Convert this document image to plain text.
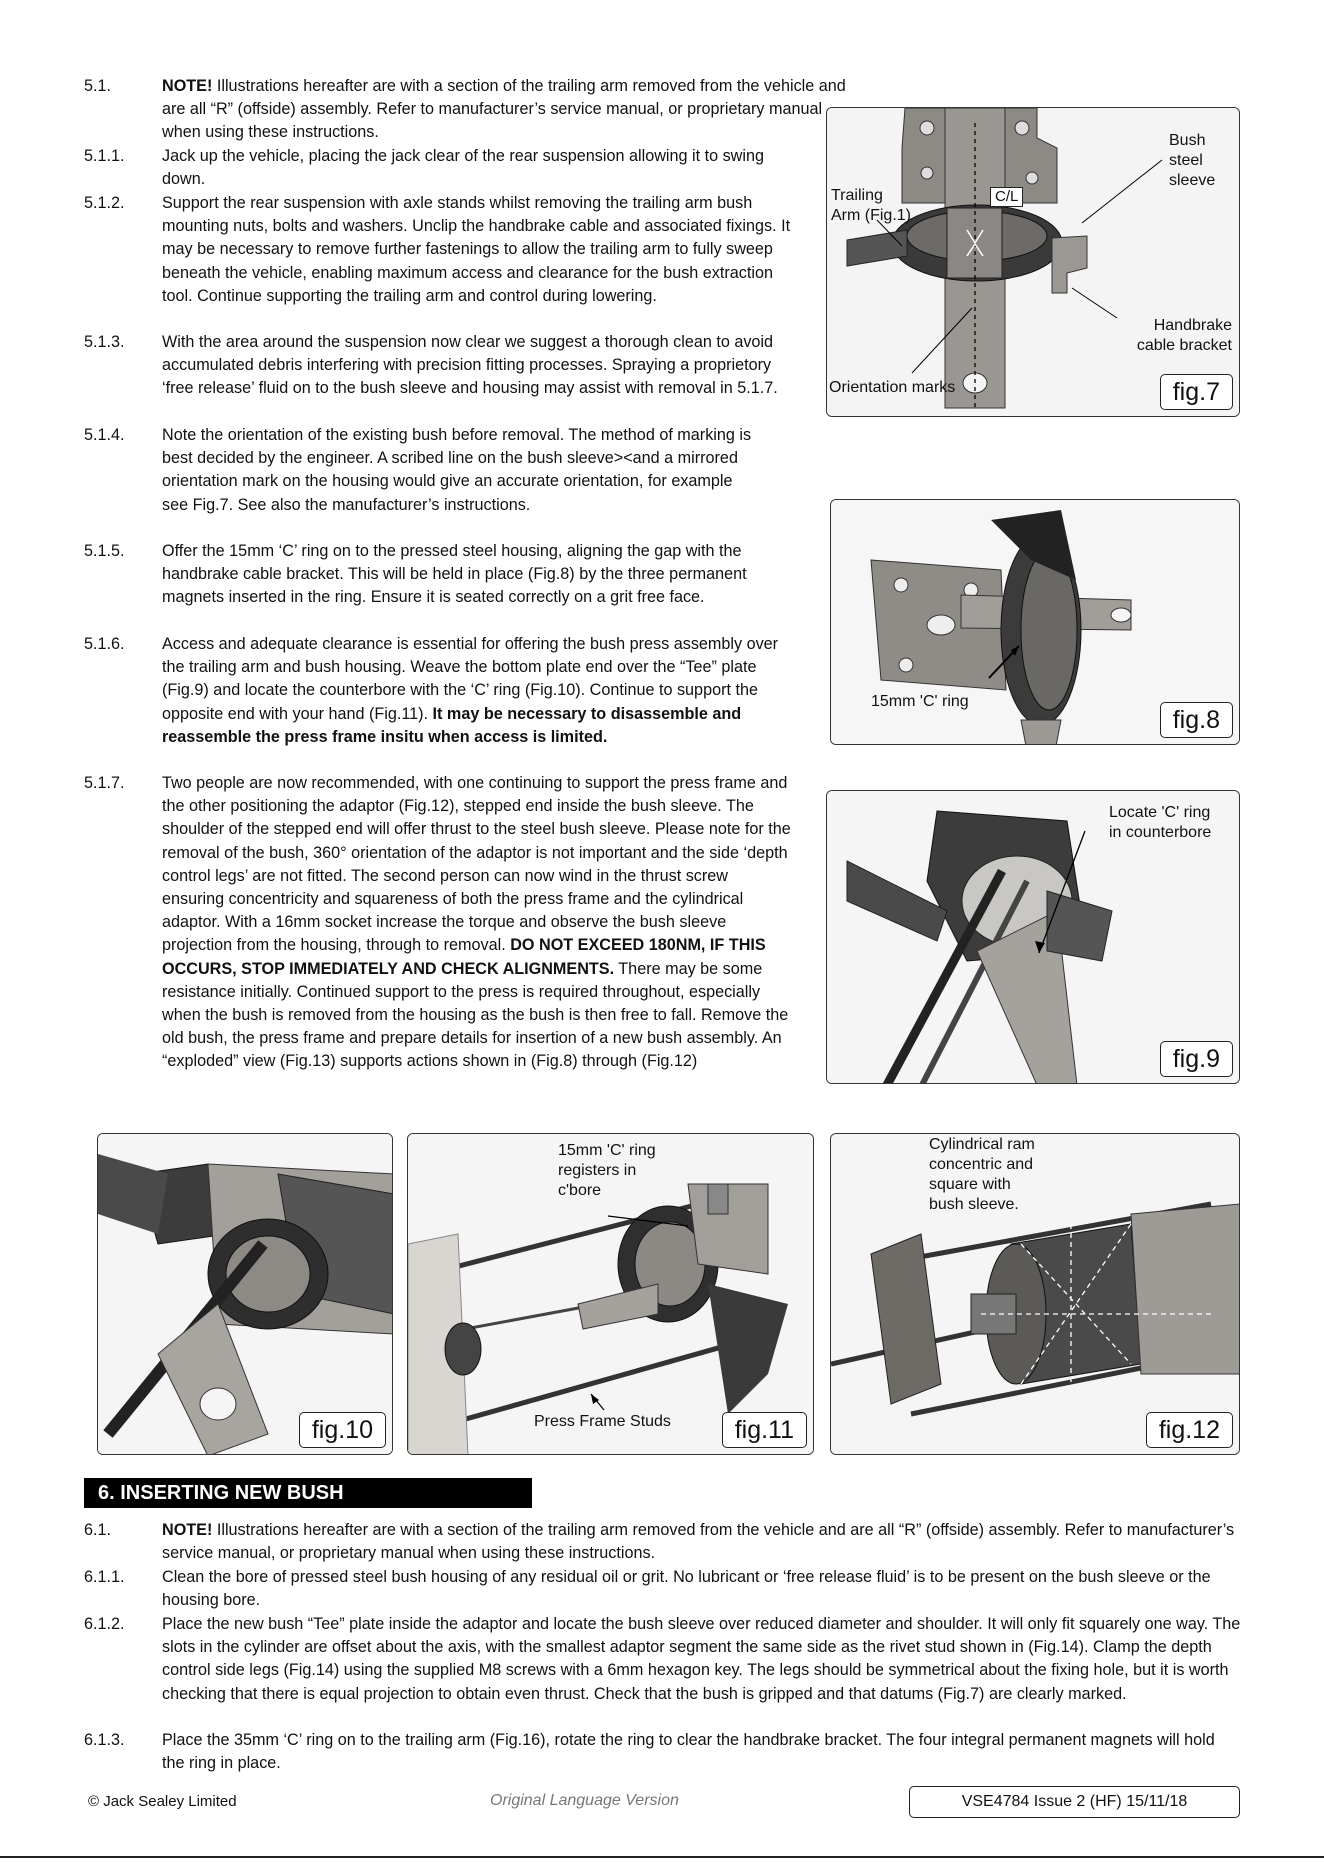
5.1.	NOTE! Illustrations hereafter are with a section of the trailing arm removed from the vehicle and are all “R” (offside) assembly. Refer to manufacturer’s service manual, or proprietary manual when using these instructions.
5.1.1. Jack up the vehicle, placing the jack clear of the rear suspension allowing it to swing down.
5.1.2. Support the rear suspension with axle stands whilst removing the trailing arm bush mounting nuts, bolts and washers. Unclip the handbrake cable and associated fixings. It may be necessary to remove further fastenings to allow the trailing arm to fully sweep beneath the vehicle, enabling maximum access and clearance for the bush extraction tool. Continue supporting the trailing arm and control during lowering.
5.1.3. With the area around the suspension now clear we suggest a thorough clean to avoid accumulated debris interfering with precision fitting processes. Spraying a proprietory ‘free release’ fluid on to the bush sleeve and housing may assist with removal in 5.1.7.
5.1.4. Note the orientation of the existing bush before removal. The method of marking is best decided by the engineer. A scribed line on the bush sleeve><and a mirrored orientation mark on the housing would give an accurate orientation, for example see Fig.7. See also the manufacturer’s instructions.
5.1.5. Offer the 15mm ‘C’ ring on to the pressed steel housing, aligning the gap with the handbrake cable bracket. This will be held in place (Fig.8) by the three permanent magnets inserted in the ring. Ensure it is seated correctly on a grit free face.
5.1.6. Access and adequate clearance is essential for offering the bush press assembly over the trailing arm and bush housing. Weave the bottom plate end over the “Tee” plate (Fig.9) and locate the counterbore with the ‘C’ ring (Fig.10). Continue to support the opposite end with your hand (Fig.11). It may be necessary to disassemble and reassemble the press frame insitu when access is limited.
5.1.7. Two people are now recommended, with one continuing to support the press frame and the other positioning the adaptor (Fig.12), stepped end inside the bush sleeve. The shoulder of the stepped end will offer thrust to the steel bush sleeve. Please note for the removal of the bush, 360° orientation of the adaptor is not important and the side ‘depth control legs’ are not fitted. The second person can now wind in the thrust screw ensuring concentricity and squareness of both the press frame and the cylindrical adaptor. With a 16mm socket increase the torque and observe the bush sleeve projection from the housing, through to removal. DO NOT EXCEED 180NM, IF THIS OCCURS, STOP IMMEDIATELY AND CHECK ALIGNMENTS. There may be some resistance initially. Continued support to the press is required throughout, especially when the bush is removed from the housing as the bush is then free to fall. Remove the old bush, the press frame and prepare details for insertion of a new bush assembly. An “exploded” view (Fig.13) supports actions shown in (Fig.8) through (Fig.12)
C/L
Trailing
Arm (Fig.1)
Bush
steel
sleeve
Handbrake
cable bracket
Orientation marks	fig.7
15mm 'C' ring
fig.8
Locate 'C' ring
in counterbore
fig.9
fig.10
15mm 'C' ring
registers in
c'bore
Press Frame Studs	fig.11
Cylindrical ram
concentric and
square with
bush sleeve.
fig.12
6. INSERTING NEW BUSH
6.1.	NOTE! Illustrations hereafter are with a section of the trailing arm removed from the vehicle and are all “R” (offside) assembly. Refer to manufacturer’s service manual, or proprietary manual when using these instructions.
6.1.1. Clean the bore of pressed steel bush housing of any residual oil or grit. No lubricant or ‘free release fluid’ is to be present on the bush sleeve or the housing bore.
6.1.2. Place the new bush “Tee” plate inside the adaptor and locate the bush sleeve over reduced diameter and shoulder. It will only fit squarely one way. The slots in the cylinder are offset about the axis, with the smallest adaptor segment the same side as the rivet stud shown in (Fig.14). Clamp the depth control side legs (Fig.14) using the supplied M8 screws with a 6mm hexagon key. The legs should be symmetrical about the fixing hole, but it is worth checking that there is equal projection to obtain even thrust. Check that the bush is gripped and that datums (Fig.7) are clearly marked.
6.1.3. Place the 35mm ‘C’ ring on to the trailing arm (Fig.16), rotate the ring to clear the handbrake bracket. The four integral permanent magnets will hold the ring in place.
© Jack Sealey Limited	Original Language Version	VSE4784 Issue 2 (HF) 15/11/18
